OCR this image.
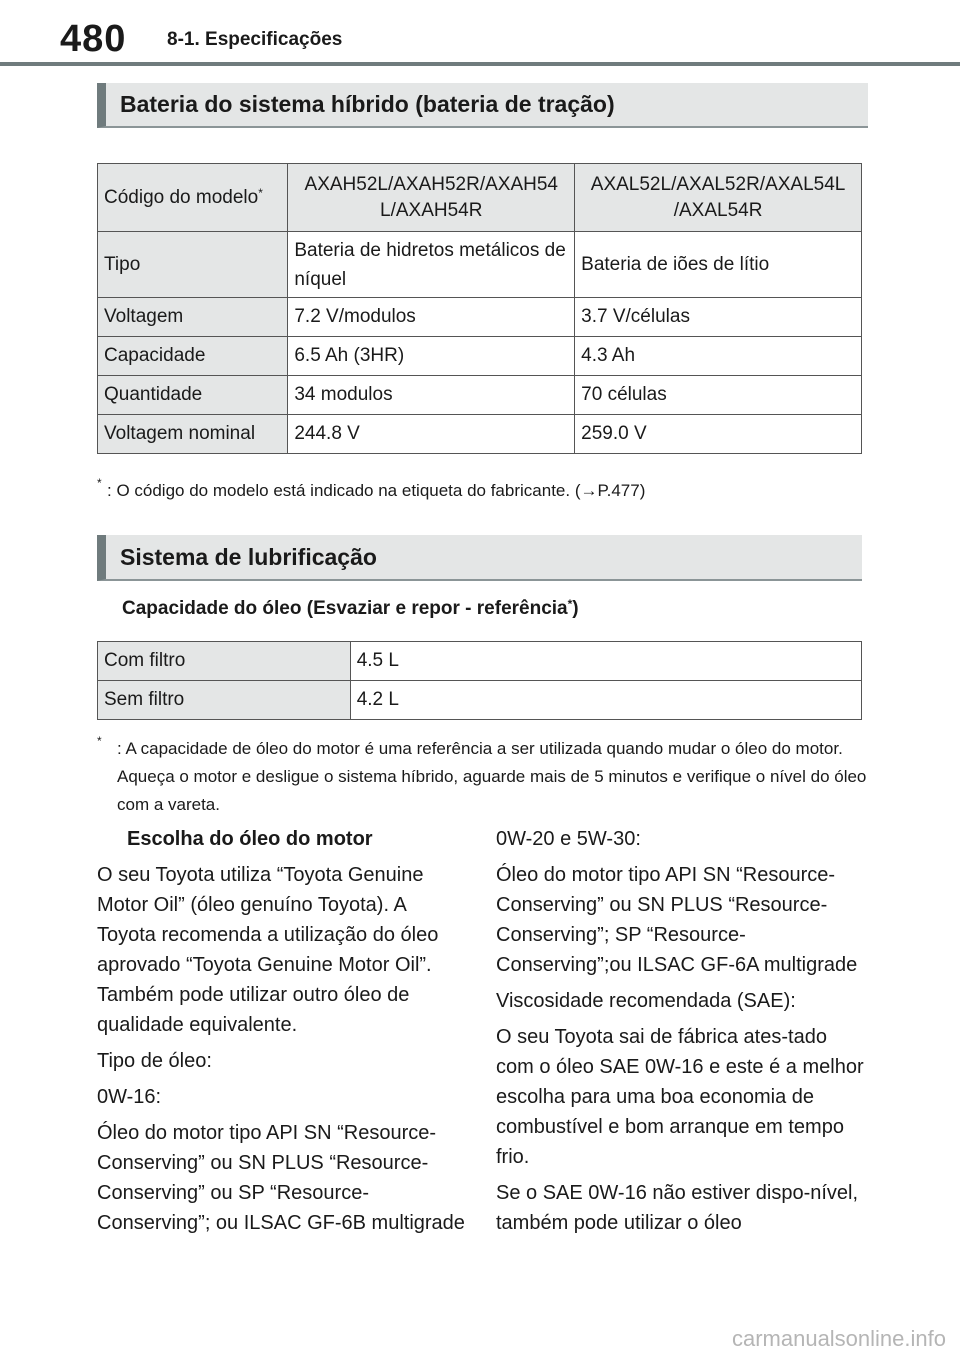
480 8-1. Especificações
Bateria do sistema híbrido (bateria de tração)
Código do modelo*	AXAH52L/AXAH52R/AXAH54 L/AXAH54R	AXAL52L/AXAL52R/AXAL54L /AXAL54R
Tipo	Bateria de hidretos metálicos de níquel	Bateria de iões de lítio
Voltagem	7.2 V/modulos	3.7 V/células
Capacidade	6.5 Ah (3HR)	4.3 Ah
Quantidade	34 modulos	70 células
Voltagem nominal	244.8 V	259.0 V
* : O código do modelo está indicado na etiqueta do fabricante. (→P.477)
Sistema de lubrificação
Capacidade do óleo (Esvaziar e repor - referência*)
Com filtro	4.5 L
Sem filtro	4.2 L
* : A capacidade de óleo do motor é uma referência a ser utilizada quando mudar o óleo do motor. Aqueça o motor e desligue o sistema híbrido, aguarde mais de 5 minutos e verifique o nível do óleo com a vareta.

Escolha do óleo do motor

O seu Toyota utiliza “Toyota Genuine Motor Oil” (óleo genuíno Toyota). A Toyota recomenda a utilização do óleo aprovado “Toyota Genuine Motor Oil”. Também pode utilizar outro óleo de qualidade equivalente.

Tipo de óleo:

0W-16:

Óleo do motor tipo API SN “Resource-Conserving” ou SN PLUS “Resource-Conserving” ou SP “Resource-Conserving”; ou ILSAC GF-6B multigrade

0W-20 e 5W-30:

Óleo do motor tipo API SN “Resource-Conserving” ou SN PLUS “Resource-Conserving”; SP “Resource-Conserving”;ou ILSAC GF-6A multigrade

Viscosidade recomendada (SAE):

O seu Toyota sai de fábrica ates-tado com o óleo SAE 0W-16 e este é a melhor escolha para uma boa economia de combustível e bom arranque em tempo frio.

Se o SAE 0W-16 não estiver dispo-nível, também pode utilizar o óleo

carmanualsonline.info
